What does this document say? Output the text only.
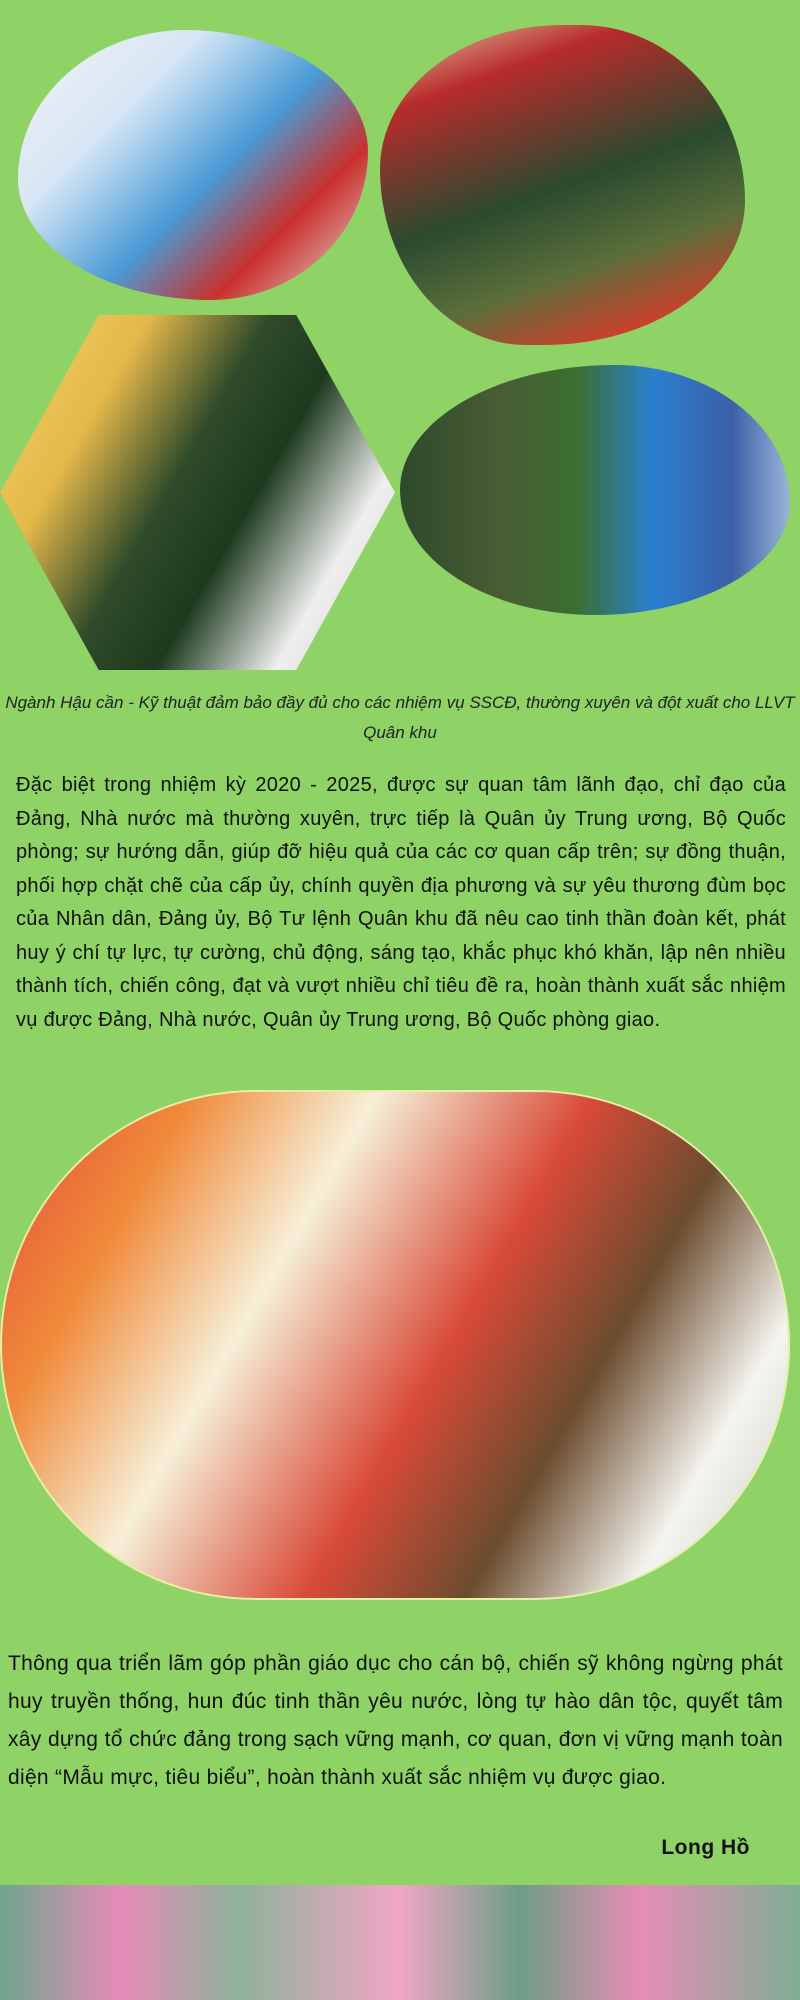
Ngành Hậu cần - Kỹ thuật đảm bảo đầy đủ cho các nhiệm vụ SSCĐ, thường xuyên và đột xuất cho LLVT Quân khu
Đặc biệt trong nhiệm kỳ 2020 - 2025, được sự quan tâm lãnh đạo, chỉ đạo của Đảng, Nhà nước mà thường xuyên, trực tiếp là Quân ủy Trung ương, Bộ Quốc phòng; sự hướng dẫn, giúp đỡ hiệu quả của các cơ quan cấp trên; sự đồng thuận, phối hợp chặt chẽ của cấp ủy, chính quyền địa phương và sự yêu thương đùm bọc của Nhân dân, Đảng ủy, Bộ Tư lệnh Quân khu đã nêu cao tinh thần đoàn kết, phát huy ý chí tự lực, tự cường, chủ động, sáng tạo, khắc phục khó khăn, lập nên nhiều thành tích, chiến công, đạt và vượt nhiều chỉ tiêu đề ra, hoàn thành xuất sắc nhiệm vụ được Đảng, Nhà nước, Quân ủy Trung ương, Bộ Quốc phòng giao.
Thông qua triển lãm góp phần giáo dục cho cán bộ, chiến sỹ không ngừng phát huy truyền thống, hun đúc tinh thần yêu nước, lòng tự hào dân tộc, quyết tâm xây dựng tổ chức đảng trong sạch vững mạnh, cơ quan, đơn vị vững mạnh toàn diện “Mẫu mực, tiêu biểu”, hoàn thành xuất sắc nhiệm vụ được giao.
Long Hồ
